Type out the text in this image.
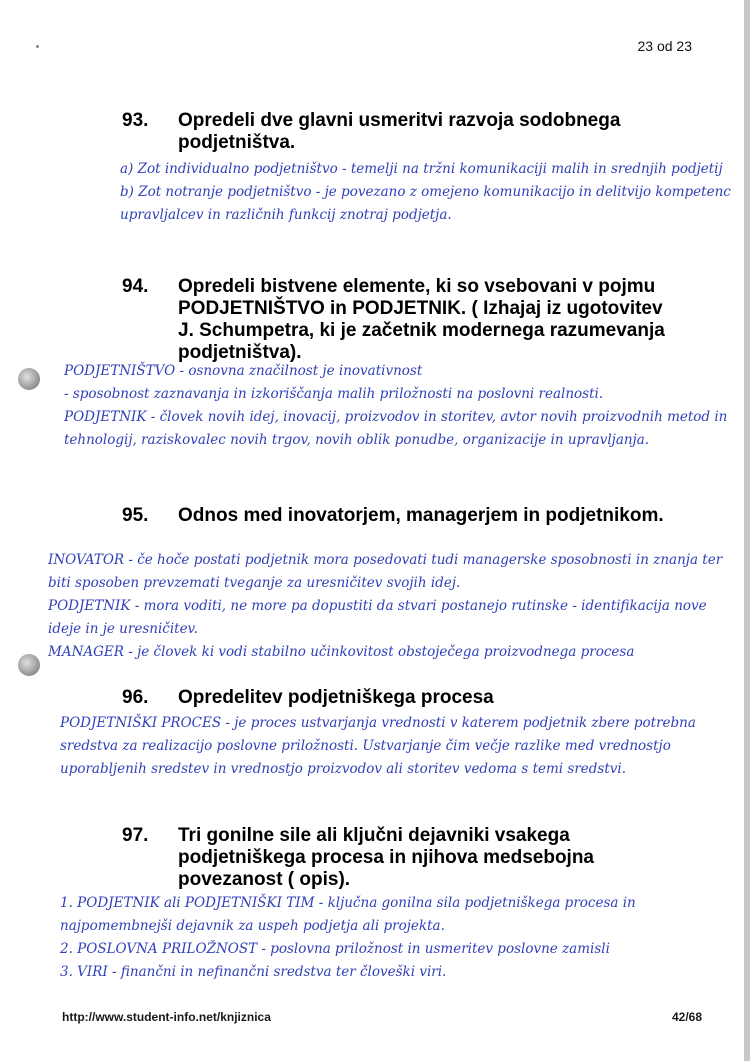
23 od 23
93. Opredeli dve glavni usmeritvi razvoja sodobnega podjetništva.
a) Zot individualno podjetništvo - temelji na tržni komunikaciji malih in srednjih podjetij
b) Zot notranje podjetništvo - je povezano z omejeno komunikacijo in delitvijo kompetenc upravljalcev in različnih funkcij znotraj podjetja.
94. Opredeli bistvene elemente, ki so vsebovani v pojmu PODJETNIŠTVO in PODJETNIK. ( Izhajaj iz ugotovitev J. Schumpetra, ki je začetnik modernega razumevanja podjetništva).
PODJETNIŠTVO - osnovna značilnost je inovativnost
- sposobnost zaznavanja in izkoriščanja malih priložnosti na poslovni realnosti.
PODJETNIK - človek novih idej, inovacij, proizvodov in storitev, avtor novih proizvodnih metod in tehnologij, raziskovalec novih trgov, novih oblik ponudbe, organizacije in upravljanja.
95. Odnos med inovatorjem, managerjem in podjetnikom.
INOVATOR - če hoče postati podjetnik mora posedovati tudi managerske sposobnosti in znanja ter biti sposoben prevzemati tveganje za uresničitev svojih idej.
PODJETNIK - mora voditi, ne more pa dopustiti da stvari postanejo rutinske - identifikacija nove ideje in je uresničitev.
MANAGER - je človek ki vodi stabilno učinkovitost obstoječega proizvodnega procesa
96. Opredelitev podjetniškega procesa
PODJETNIŠKI PROCES - je proces ustvarjanja vrednosti v katerem podjetnik zbere potrebna sredstva za realizacijo poslovne priložnosti. Ustvarjanje čim večje razlike med vrednostjo uporabljenih sredstev in vrednostjo proizvodov ali storitev vedoma s temi sredstvi.
97. Tri gonilne sile ali ključni dejavniki vsakega podjetniškega procesa in njihova medsebojna povezanost ( opis).
1. PODJETNIK ali PODJETNIŠKI TIM - ključna gonilna sila podjetniškega procesa in najpomembnejši dejavnik za uspeh podjetja ali projekta.
2. POSLOVNA PRILOŽNOST - poslovna priložnost in usmeritev poslovne zamisli
3. VIRI - finančni in nefinančni sredstva ter človeški viri.
http://www.student-info.net/knjiznica	42/68
